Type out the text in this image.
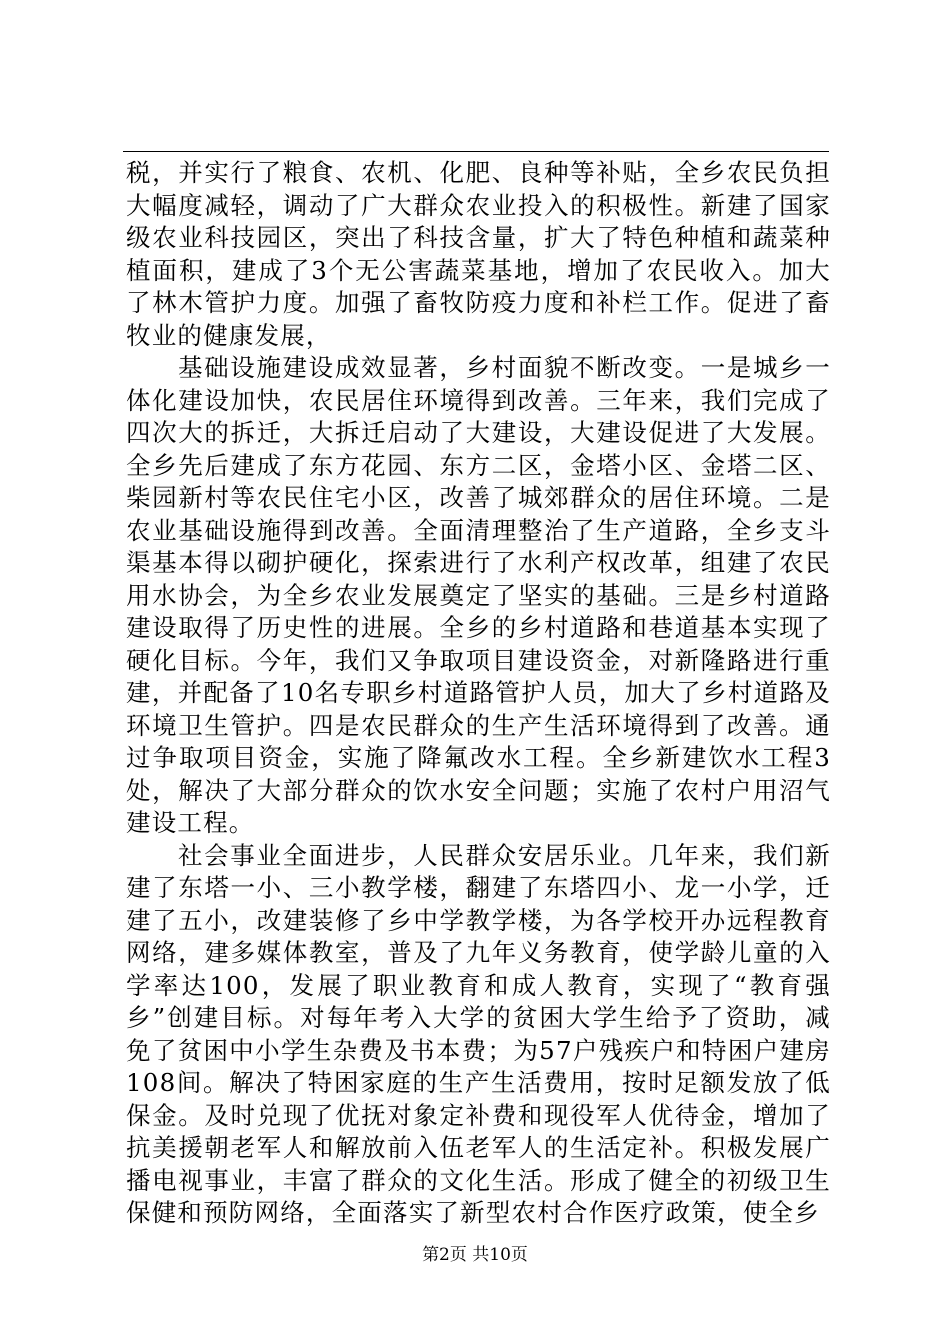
税，并实行了粮食、农机、化肥、良种等补贴，全乡农民负担大幅度减轻，调动了广大群众农业投入的积极性。新建了国家级农业科技园区，突出了科技含量，扩大了特色种植和蔬菜种植面积，建成了3个无公害蔬菜基地，增加了农民收入。加大了林木管护力度。加强了畜牧防疫力度和补栏工作。促进了畜牧业的健康发展，

基础设施建设成效显著，乡村面貌不断改变。一是城乡一体化建设加快，农民居住环境得到改善。三年来，我们完成了四次大的拆迁，大拆迁启动了大建设，大建设促进了大发展。全乡先后建成了东方花园、东方二区，金塔小区、金塔二区、柴园新村等农民住宅小区，改善了城郊群众的居住环境。二是农业基础设施得到改善。全面清理整治了生产道路，全乡支斗渠基本得以砌护硬化，探索进行了水利产权改革，组建了农民用水协会，为全乡农业发展奠定了坚实的基础。三是乡村道路建设取得了历史性的进展。全乡的乡村道路和巷道基本实现了硬化目标。今年，我们又争取项目建设资金，对新隆路进行重建，并配备了10名专职乡村道路管护人员，加大了乡村道路及环境卫生管护。四是农民群众的生产生活环境得到了改善。通过争取项目资金，实施了降氟改水工程。全乡新建饮水工程3处，解决了大部分群众的饮水安全问题；实施了农村户用沼气建设工程。

社会事业全面进步，人民群众安居乐业。几年来，我们新建了东塔一小、三小教学楼，翻建了东塔四小、龙一小学，迁建了五小，改建装修了乡中学教学楼，为各学校开办远程教育网络，建多媒体教室，普及了九年义务教育，使学龄儿童的入学率达100，发展了职业教育和成人教育，实现了“教育强乡”创建目标。对每年考入大学的贫困大学生给予了资助，减免了贫困中小学生杂费及书本费；为57户残疾户和特困户建房108间。解决了特困家庭的生产生活费用，按时足额发放了低保金。及时兑现了优抚对象定补费和现役军人优待金，增加了抗美援朝老军人和解放前入伍老军人的生活定补。积极发展广播电视事业，丰富了群众的文化生活。形成了健全的初级卫生保健和预防网络，全面落实了新型农村合作医疗政策，使全乡

第2页 共10页
